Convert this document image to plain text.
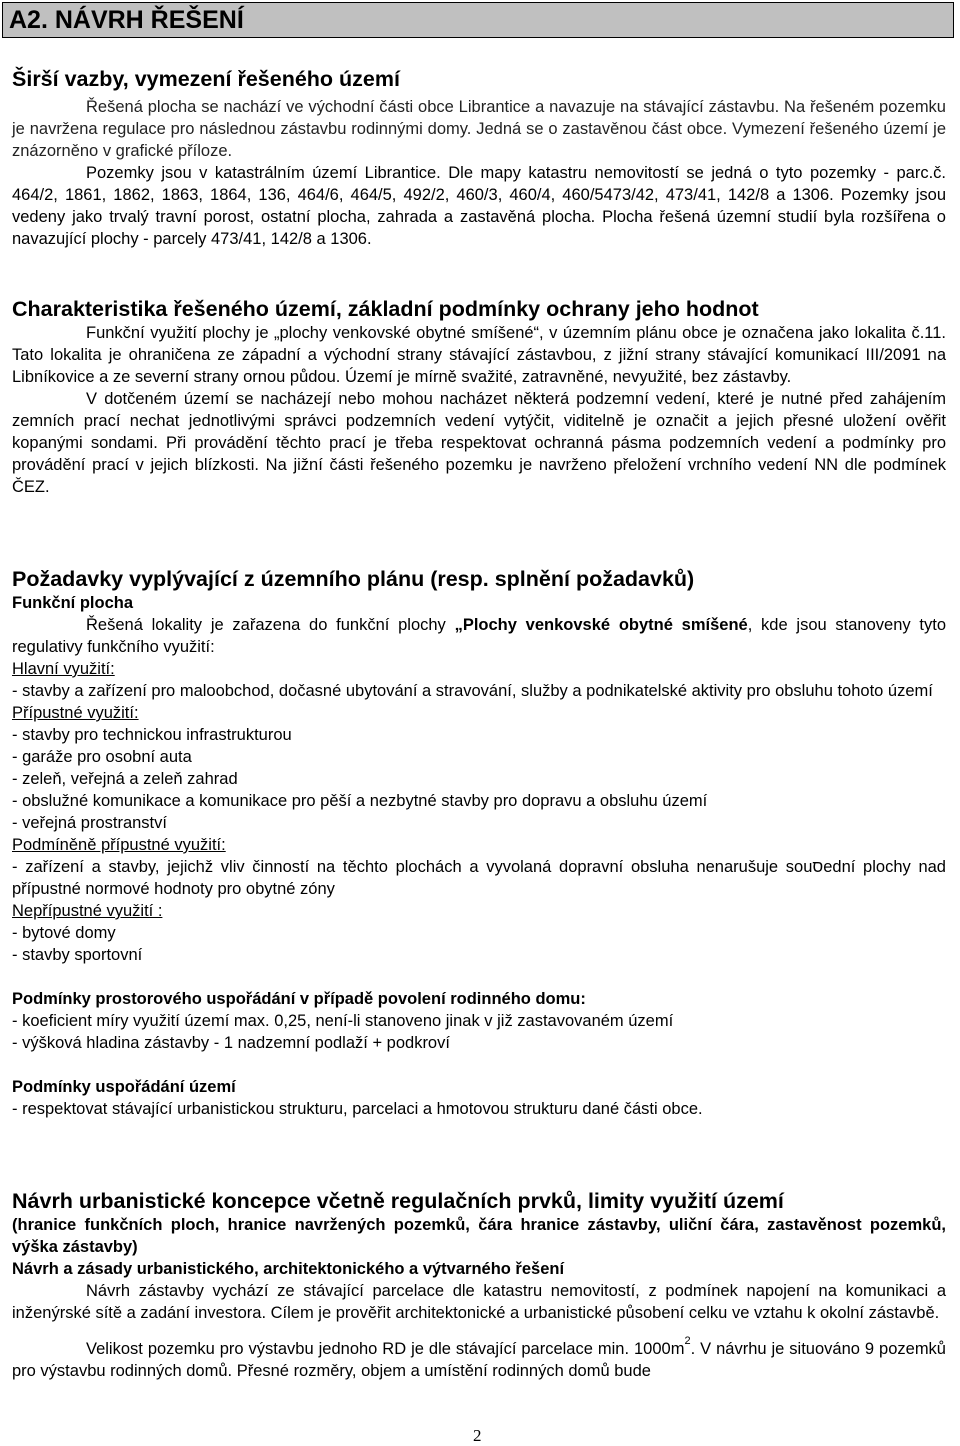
A2. NÁVRH ŘEŠENÍ
Širší vazby, vymezení řešeného území

Řešená plocha se nachází ve východní části obce Librantice a navazuje na stávající zástavbu. Na řešeném pozemku je navržena regulace pro následnou zástavbu rodinnými domy. Jedná se o zastavěnou část obce. Vymezení řešeného území je znázorněno v grafické příloze.

Pozemky jsou v katastrálním území Librantice. Dle mapy katastru nemovitostí se jedná o tyto pozemky - parc.č. 464/2, 1861, 1862, 1863, 1864, 136, 464/6, 464/5, 492/2, 460/3, 460/4, 460/5473/42, 473/41, 142/8 a 1306. Pozemky jsou vedeny jako trvalý travní porost, ostatní plocha, zahrada a zastavěná plocha. Plocha řešená územní studií byla rozšířena o navazující plochy - parcely 473/41, 142/8 a 1306.

Charakteristika řešeného území, základní podmínky ochrany jeho hodnot

Funkční využití plochy je „plochy venkovské obytné smíšené“, v územním plánu obce je označena jako lokalita č.11. Tato lokalita je ohraničena ze západní a východní strany stávající zástavbou, z jižní strany stávající komunikací III/2091 na Libníkovice a ze severní strany ornou půdou. Území je mírně svažité, zatravněné, nevyužité, bez zástavby.

V dotčeném území se nacházejí nebo mohou nacházet některá podzemní vedení, které je nutné před zahájením zemních prací nechat jednotlivými správci podzemních vedení vytýčit, viditelně je označit a jejich přesné uložení ověřit kopanými sondami. Při provádění těchto prací je třeba respektovat ochranná pásma podzemních vedení a podmínky pro provádění prací v jejich blízkosti. Na jižní části řešeného pozemku je navrženo přeložení vrchního vedení NN dle podmínek ČEZ.

Požadavky vyplývající z územního plánu (resp. splnění požadavků)
Funkční plocha

Řešená lokality je zařazena do funkční plochy „Plochy venkovské obytné smíšené, kde jsou stanoveny tyto regulativy funkčního využití:

Hlavní využití:

- stavby a zařízení pro maloobchod, dočasné ubytování a stravování, služby a podnikatelské aktivity pro obsluhu tohoto území

Přípustné využití:
- stavby pro technickou infrastrukturou
- garáže pro osobní auta
- zeleň, veřejná a zeleň zahrad
- obslužné komunikace a komunikace pro pěší a nezbytné stavby pro dopravu a obsluhu území
- veřejná prostranství
Podmíněně přípustné využití:

- zařízení a stavby, jejichž vliv činností na těchto plochách a vyvolaná dopravní obsluha nenarušuje souסední plochy nad přípustné normové hodnoty pro obytné zóny

Nepřípustné využití :
- bytové domy
- stavby sportovní
Podmínky prostorového uspořádání v případě povolení rodinného domu:
- koeficient míry využití území max. 0,25, není-li stanoveno jinak v již zastavovaném území
- výšková hladina zástavby - 1 nadzemní podlaží + podkroví
Podmínky uspořádání území
- respektovat stávající urbanistickou strukturu, parcelaci a hmotovou strukturu dané části obce.
Návrh urbanistické koncepce včetně regulačních prvků, limity využití území

(hranice funkčních ploch, hranice navržených pozemků, čára hranice zástavby, uliční čára, zastavěnost pozemků, výška zástavby)

Návrh a zásady urbanistického, architektonického a výtvarného řešení

Návrh zástavby vychází ze stávající parcelace dle katastru nemovitostí, z podmínek napojení na komunikaci a inženýrské sítě a zadání investora. Cílem je prověřit architektonické a urbanistické působení celku ve vztahu k okolní zástavbě.

Velikost pozemku pro výstavbu jednoho RD je dle stávající parcelace min. $1000m^2$. V návrhu je situováno 9 pozemků pro výstavbu rodinných domů. Přesné rozměry, objem a umístění rodinných domů bude

2
